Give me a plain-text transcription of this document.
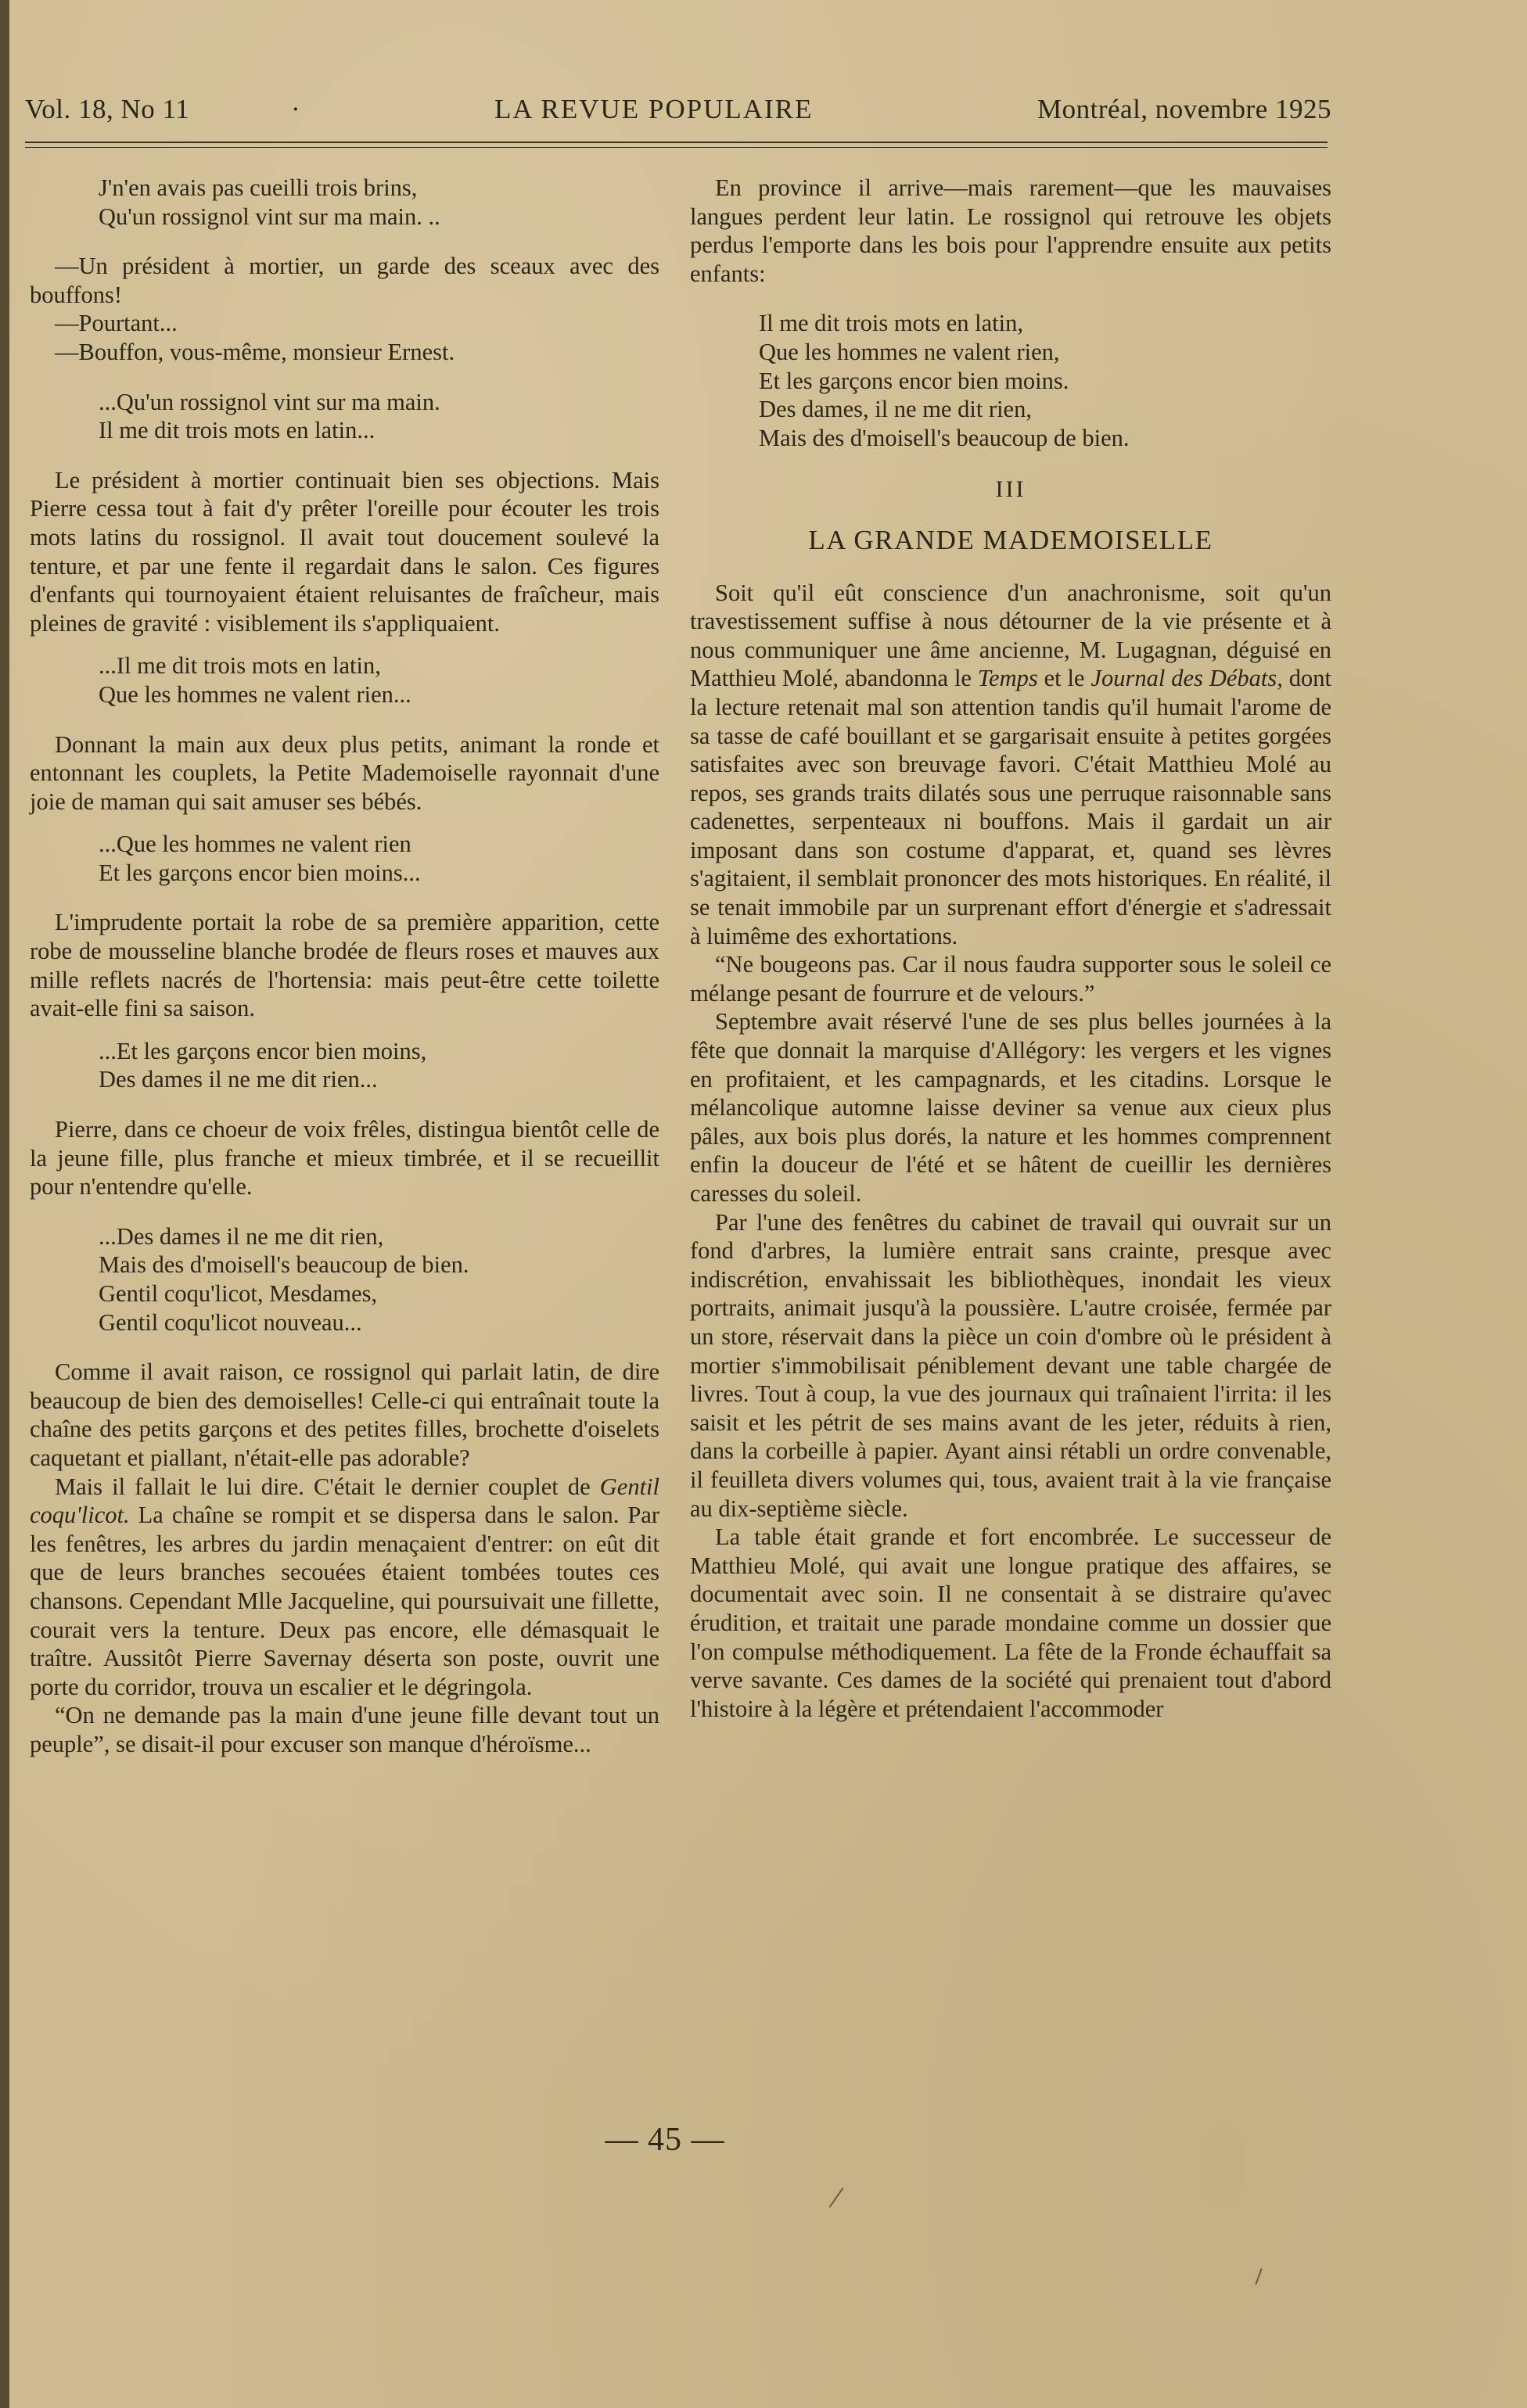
Vol. 18, No 11	·	LA REVUE POPULAIRE	Montréal, novembre 1925
J'n'en avais pas cueilli trois brins,
Qu'un rossignol vint sur ma main. ..

—Un président à mortier, un garde des sceaux avec des bouffons!

—Pourtant...

—Bouffon, vous-même, monsieur Ernest.

...Qu'un rossignol vint sur ma main.
Il me dit trois mots en latin...

Le président à mortier continuait bien ses objections. Mais Pierre cessa tout à fait d'y prêter l'oreille pour écouter les trois mots latins du rossignol. Il avait tout doucement soulevé la tenture, et par une fente il regardait dans le salon. Ces figures d'enfants qui tournoyaient étaient reluisantes de fraîcheur, mais pleines de gravité : visiblement ils s'appliquaient.

...Il me dit trois mots en latin,
Que les hommes ne valent rien...

Donnant la main aux deux plus petits, animant la ronde et entonnant les couplets, la Petite Mademoiselle rayonnait d'une joie de maman qui sait amuser ses bébés.

...Que les hommes ne valent rien
Et les garçons encor bien moins...

L'imprudente portait la robe de sa première apparition, cette robe de mousseline blanche brodée de fleurs roses et mauves aux mille reflets nacrés de l'hortensia: mais peut-être cette toilette avait-elle fini sa saison.

...Et les garçons encor bien moins,
Des dames il ne me dit rien...

Pierre, dans ce choeur de voix frêles, distingua bientôt celle de la jeune fille, plus franche et mieux timbrée, et il se recueillit pour n'entendre qu'elle.

...Des dames il ne me dit rien,
Mais des d'moisell's beaucoup de bien.
Gentil coqu'licot, Mesdames,
Gentil coqu'licot nouveau...

Comme il avait raison, ce rossignol qui parlait latin, de dire beaucoup de bien des demoiselles! Celle-ci qui entraînait toute la chaîne des petits garçons et des petites filles, brochette d'oiselets caquetant et piallant, n'était-elle pas adorable?

Mais il fallait le lui dire. C'était le dernier couplet de Gentil coqu'licot. La chaîne se rompit et se dispersa dans le salon. Par les fenêtres, les arbres du jardin menaçaient d'entrer: on eût dit que de leurs branches secouées étaient tombées toutes ces chansons. Cependant Mlle Jacqueline, qui poursuivait une fillette, courait vers la tenture. Deux pas encore, elle démasquait le traître. Aussitôt Pierre Savernay déserta son poste, ouvrit une porte du corridor, trouva un escalier et le dégringola.

“On ne demande pas la main d'une jeune fille devant tout un peuple”, se disait-il pour excuser son manque d'héroïsme...

En province il arrive—mais rarement—que les mauvaises langues perdent leur latin. Le rossignol qui retrouve les objets perdus l'emporte dans les bois pour l'apprendre ensuite aux petits enfants:

Il me dit trois mots en latin,
Que les hommes ne valent rien,
Et les garçons encor bien moins.
Des dames, il ne me dit rien,
Mais des d'moisell's beaucoup de bien.

III

LA GRANDE MADEMOISELLE

Soit qu'il eût conscience d'un anachronisme, soit qu'un travestissement suffise à nous détourner de la vie présente et à nous communiquer une âme ancienne, M. Lugagnan, déguisé en Matthieu Molé, abandonna le Temps et le Journal des Débats, dont la lecture retenait mal son attention tandis qu'il humait l'arome de sa tasse de café bouillant et se gargarisait ensuite à petites gorgées satisfaites avec son breuvage favori. C'était Matthieu Molé au repos, ses grands traits dilatés sous une perruque raisonnable sans cadenettes, serpenteaux ni bouffons. Mais il gardait un air imposant dans son costume d'apparat, et, quand ses lèvres s'agitaient, il semblait prononcer des mots historiques. En réalité, il se tenait immobile par un surprenant effort d'énergie et s'adressait à luimême des exhortations.

“Ne bougeons pas. Car il nous faudra supporter sous le soleil ce mélange pesant de fourrure et de velours.”

Septembre avait réservé l'une de ses plus belles journées à la fête que donnait la marquise d'Allégory: les vergers et les vignes en profitaient, et les campagnards, et les citadins. Lorsque le mélancolique automne laisse deviner sa venue aux cieux plus pâles, aux bois plus dorés, la nature et les hommes comprennent enfin la douceur de l'été et se hâtent de cueillir les dernières caresses du soleil.

Par l'une des fenêtres du cabinet de travail qui ouvrait sur un fond d'arbres, la lumière entrait sans crainte, presque avec indiscrétion, envahissait les bibliothèques, inondait les vieux portraits, animait jusqu'à la poussière. L'autre croisée, fermée par un store, réservait dans la pièce un coin d'ombre où le président à mortier s'immobilisait péniblement devant une table chargée de livres. Tout à coup, la vue des journaux qui traînaient l'irrita: il les saisit et les pétrit de ses mains avant de les jeter, réduits à rien, dans la corbeille à papier. Ayant ainsi rétabli un ordre convenable, il feuilleta divers volumes qui, tous, avaient trait à la vie française au dix-septième siècle.

La table était grande et fort encombrée. Le successeur de Matthieu Molé, qui avait une longue pratique des affaires, se documentait avec soin. Il ne consentait à se distraire qu'avec érudition, et traitait une parade mondaine comme un dossier que l'on compulse méthodiquement. La fête de la Fronde échauffait sa verve savante. Ces dames de la société qui prenaient tout d'abord l'histoire à la légère et prétendaient l'accommoder

— 45 —
